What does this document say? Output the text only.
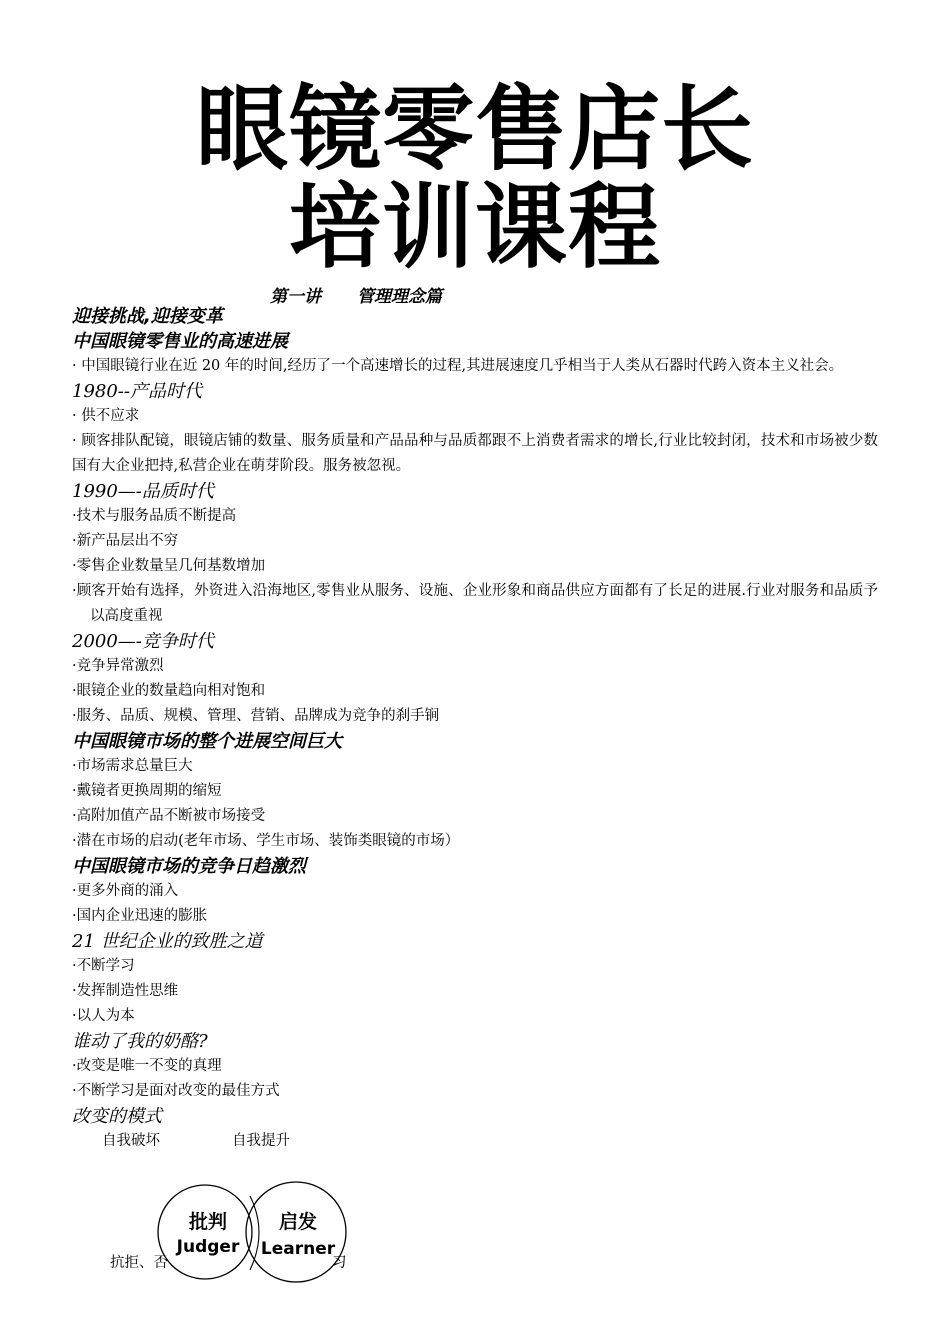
眼镜零售店长
培训课程
第一讲 管理理念篇

迎接挑战,迎接变革

中国眼镜零售业的高速进展

· 中国眼镜行业在近 20 年的时间,经历了一个高速增长的过程,其进展速度几乎相当于人类从石器时代跨入资本主义社会。

1980--产品时代

· 供不应求

· 顾客排队配镜，眼镜店铺的数量、服务质量和产品品种与品质都跟不上消费者需求的增长,行业比较封闭，技术和市场被少数国有大企业把持,私营企业在萌芽阶段。服务被忽视。

1990—-品质时代

·技术与服务品质不断提高

·新产品层出不穷

·零售企业数量呈几何基数增加

·顾客开始有选择，外资进入沿海地区,零售业从服务、设施、企业形象和商品供应方面都有了长足的进展.行业对服务和品质予以高度重视

2000—-竞争时代

·竞争异常激烈

·眼镜企业的数量趋向相对饱和

·服务、品质、规模、管理、营销、品牌成为竞争的刹手锏

中国眼镜市场的整个进展空间巨大

·市场需求总量巨大

·戴镜者更换周期的缩短

·高附加值产品不断被市场接受

·潜在市场的启动(老年市场、学生市场、装饰类眼镜的市场）

中国眼镜市场的竞争日趋激烈

·更多外商的涌入

·国内企业迅速的膨胀

21 世纪企业的致胜之道

·不断学习

·发挥制造性思维

·以人为本

谁动了我的奶酪?

·改变是唯一不变的真理

·不断学习是面对改变的最佳方式

改变的模式

自我破坏	自我提升
抗拒、否	习
批判
Judger
启发
Learner
